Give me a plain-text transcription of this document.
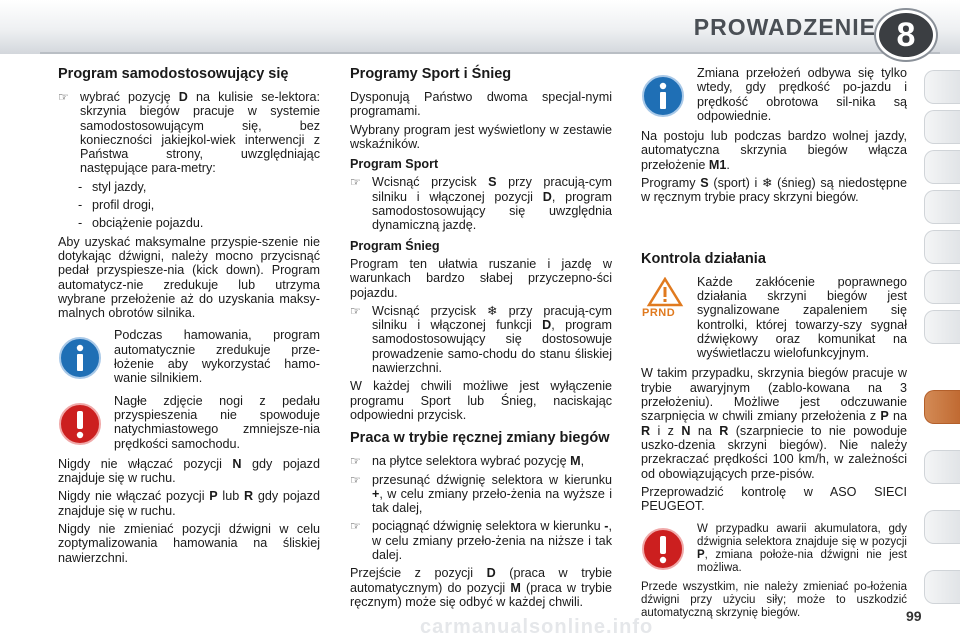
PROWADZENIE 8
Program samodostosowujący się
☞ wybrać pozycję D na kulisie se-lektora: skrzynia biegów pracuje w systemie samodostosowującym się, bez konieczności jakiejkol-wiek interwencji z Państwa strony, uwzględniając następujące para-metry:
- styl jazdy,
- profil drogi,
- obciążenie pojazdu.

Aby uzyskać maksymalne przyspie-szenie nie dotykając dźwigni, należy mocno przycisnąć pedał przyspiesze-nia (kick down). Program automatycz-nie zredukuje lub utrzyma wybrane przełożenie aż do uzyskania maksy-malnych obrotów silnika.

Podczas hamowania, program automatycznie zredukuje prze-łożenie aby wykorzystać hamo-wanie silnikiem.

Nagłe zdjęcie nogi z pedału przyspieszenia nie spowoduje natychmiastowego zmniejsze-nia prędkości samochodu.

Nigdy nie włączać pozycji N gdy pojazd znajduje się w ruchu.

Nigdy nie włączać pozycji P lub R gdy pojazd znajduje się w ruchu.

Nigdy nie zmieniać pozycji dźwigni w celu zoptymalizowania hamowania na śliskiej nawierzchni.

Programy Sport i Śnieg

Dysponują Państwo dwoma specjal-nymi programami.

Wybrany program jest wyświetlony w zestawie wskaźników.

Program Sport
☞ Wcisnąć przycisk S przy pracują-cym silniku i włączonej pozycji D, program samodostosowujący się uwzględnia dynamiczną jazdę.
Program Śnieg

Program ten ułatwia ruszanie i jazdę w warunkach bardzo słabej przyczepno-ści pojazdu.

☞ Wcisnąć przycisk ❄ przy pracują-cym silniku i włączonej funkcji D, program samodostosowujący się dostosowuje prowadzenie samo-chodu do stanu śliskiej nawierzchni.

W każdej chwili możliwe jest wyłączenie programu Sport lub Śnieg, naciskając odpowiedni przycisk.

Praca w trybie ręcznej zmiany biegów
☞ na płytce selektora wybrać pozycję M,
☞ przesunąć dźwignię selektora w kierunku +, w celu zmiany przeło-żenia na wyższe i tak dalej,
☞ pociągnąć dźwignię selektora w kierunku -, w celu zmiany przeło-żenia na niższe i tak dalej.

Przejście z pozycji D (praca w trybie automatycznym) do pozycji M (praca w trybie ręcznym) może się odbyć w każdej chwili.

Zmiana przełożeń odbywa się tylko wtedy, gdy prędkość po-jazdu i prędkość obrotowa sil-nika są odpowiednie.

Na postoju lub podczas bardzo wolnej jazdy, automatyczna skrzynia biegów włącza przełożenie M1.

Programy S (sport) i ❄ (śnieg) są niedostępne w ręcznym trybie pracy skrzyni biegów.

Kontrola działania
PRND

Każde zakłócenie poprawnego działania skrzyni biegów jest sygnalizowane zapaleniem się kontrolki, której towarzy-szy sygnał dźwiękowy oraz komunikat na wyświetlaczu wielofunkcyjnym.

W takim przypadku, skrzynia biegów pracuje w trybie awaryjnym (zablo-kowana na 3 przełożeniu). Możliwe jest odczuwanie szarpnięcia w chwili zmiany przełożenia z P na R i z N na R (szarpniecie to nie powoduje uszko-dzenia skrzyni biegów). Nie należy przekraczać prędkości 100 km/h, w zależności od obowiązujących prze-pisów.

Przeprowadzić kontrolę w ASO SIECI PEUGEOT.

W przypadku awarii akumulatora, gdy dźwignia selektora znajduje się w pozycji P, zmiana położe-nia dźwigni nie jest możliwa.

Przede wszystkim, nie należy zmieniać po-łożenia dźwigni przy użyciu siły; może to uszkodzić automatyczną skrzynię biegów.

carmanualsonline.info	99
